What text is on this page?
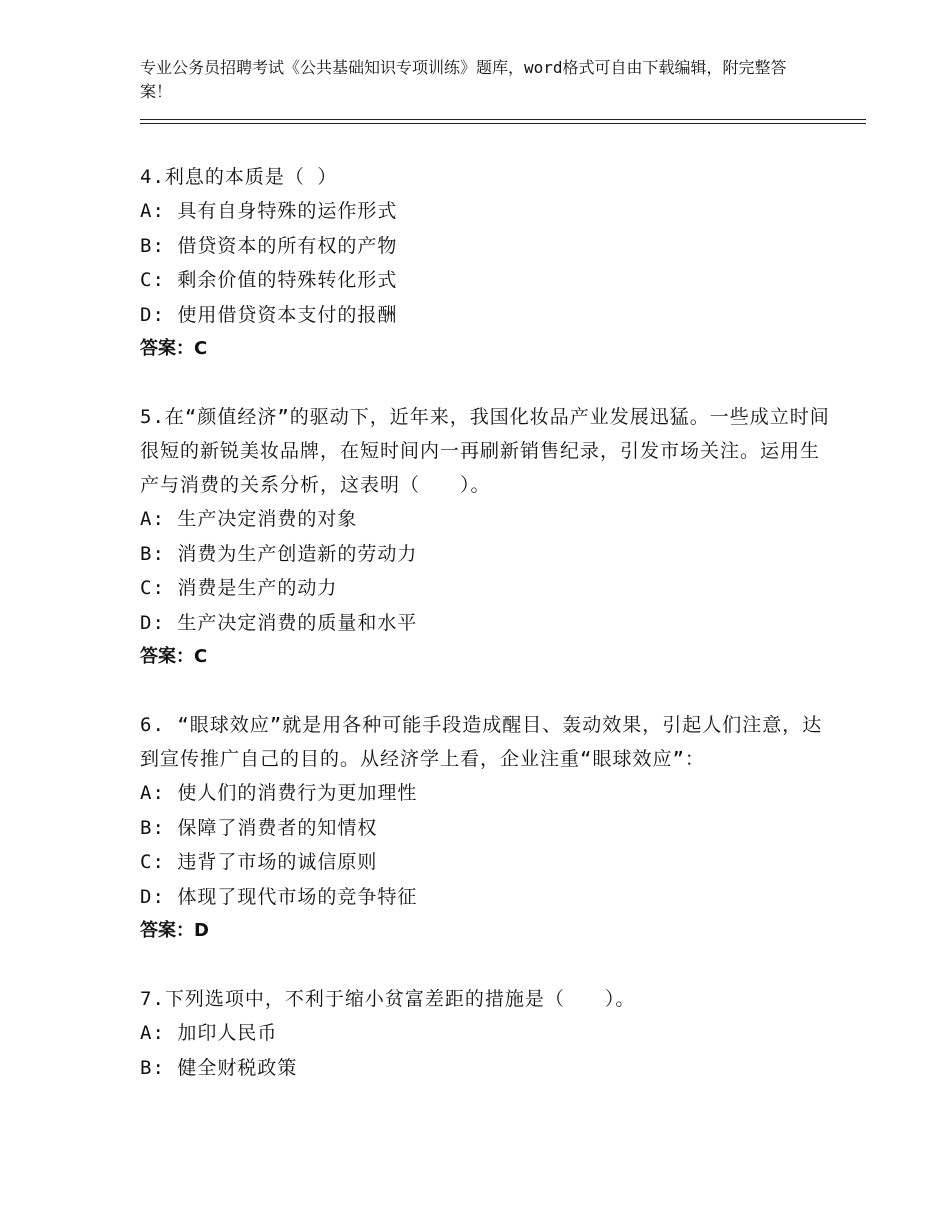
专业公务员招聘考试《公共基础知识专项训练》题库，word格式可自由下载编辑，附完整答案！
4.利息的本质是（ ）
A: 具有自身特殊的运作形式
B: 借贷资本的所有权的产物
C: 剩余价值的特殊转化形式
D: 使用借贷资本支付的报酬
答案：C
5.在“颜值经济”的驱动下，近年来，我国化妆品产业发展迅猛。一些成立时间很短的新锐美妆品牌，在短时间内一再刷新销售纪录，引发市场关注。运用生产与消费的关系分析，这表明（　　）。
A: 生产决定消费的对象
B: 消费为生产创造新的劳动力
C: 消费是生产的动力
D: 生产决定消费的质量和水平
答案：C
6. “眼球效应”就是用各种可能手段造成醒目、轰动效果，引起人们注意，达到宣传推广自己的目的。从经济学上看，企业注重“眼球效应”：
A: 使人们的消费行为更加理性
B: 保障了消费者的知情权
C: 违背了市场的诚信原则
D: 体现了现代市场的竞争特征
答案：D
7.下列选项中，不利于缩小贫富差距的措施是（　　）。
A: 加印人民币
B: 健全财税政策
